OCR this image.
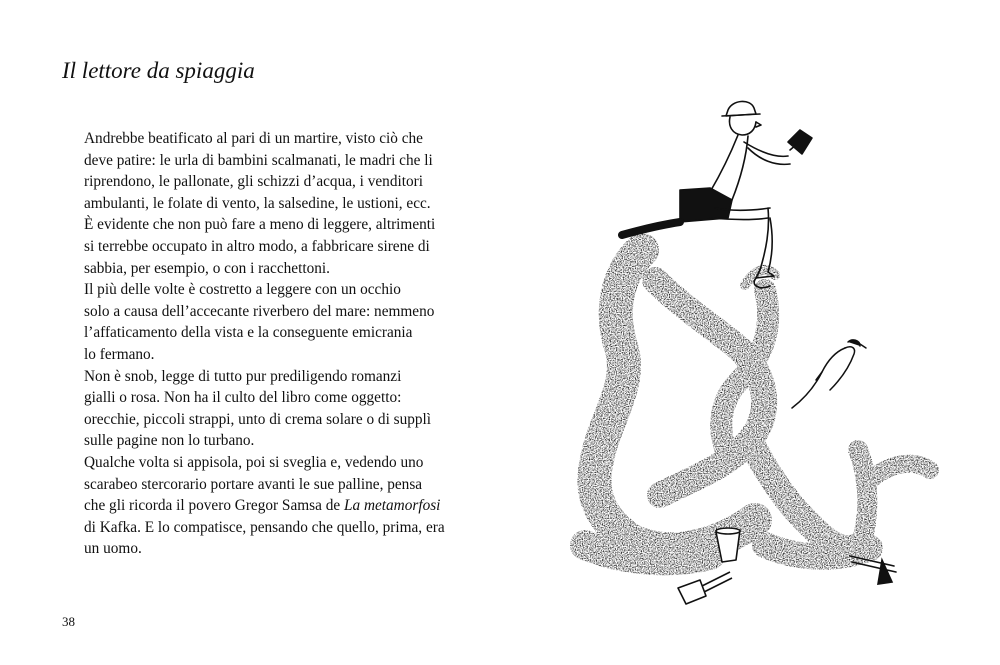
Il lettore da spiaggia

Andrebbe beatificato al pari di un martire, visto ciò che
deve patire: le urla di bambini scalmanati, le madri che li
riprendono, le pallonate, gli schizzi d’acqua, i venditori
ambulanti, le folate di vento, la salsedine, le ustioni, ecc.
È evidente che non può fare a meno di leggere, altrimenti
si terrebbe occupato in altro modo, a fabbricare sirene di
sabbia, per esempio, o con i racchettoni.

Il più delle volte è costretto a leggere con un occhio
solo a causa dell’accecante riverbero del mare: nemmeno
l’affaticamento della vista e la conseguente emicrania
lo fermano.

Non è snob, legge di tutto pur prediligendo romanzi
gialli o rosa. Non ha il culto del libro come oggetto:
orecchie, piccoli strappi, unto di crema solare o di supplì
sulle pagine non lo turbano.

Qualche volta si appisola, poi si sveglia e, vedendo uno
scarabeo stercorario portare avanti le sue palline, pensa
che gli ricorda il povero Gregor Samsa de La metamorfosi
di Kafka. E lo compatisce, pensando che quello, prima, era
un uomo.

38
